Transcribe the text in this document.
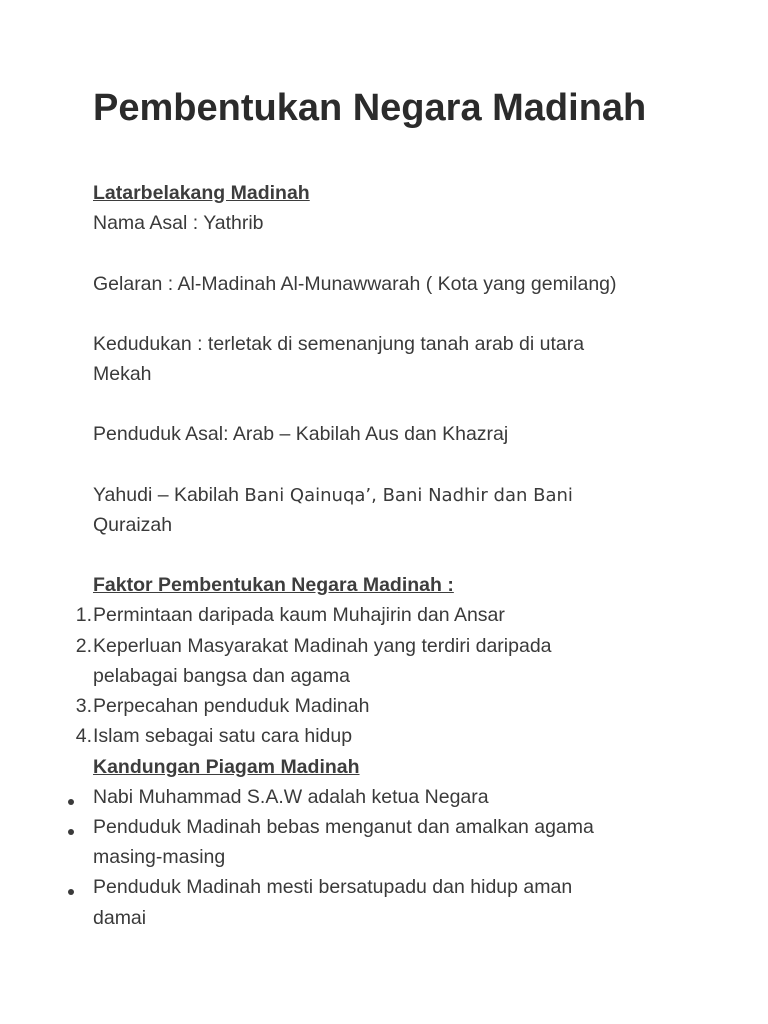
Pembentukan Negara Madinah
Latarbelakang Madinah
Nama Asal : Yathrib
Gelaran : Al-Madinah Al-Munawwarah ( Kota yang gemilang)
Kedudukan : terletak di semenanjung tanah arab di utara
Mekah
Penduduk Asal: Arab – Kabilah Aus dan Khazraj
Yahudi – Kabilah Bani Qainuqa’, Bani Nadhir dan Bani
Quraizah
Faktor Pembentukan Negara Madinah :
1. Permintaan daripada kaum Muhajirin dan Ansar
2. Keperluan Masyarakat Madinah yang terdiri daripada
pelabagai bangsa dan agama
3. Perpecahan penduduk Madinah
4. Islam sebagai satu cara hidup
Kandungan Piagam Madinah
Nabi Muhammad S.A.W adalah ketua Negara
Penduduk Madinah bebas menganut dan amalkan agama
masing-masing
Penduduk Madinah mesti bersatupadu dan hidup aman
damai
